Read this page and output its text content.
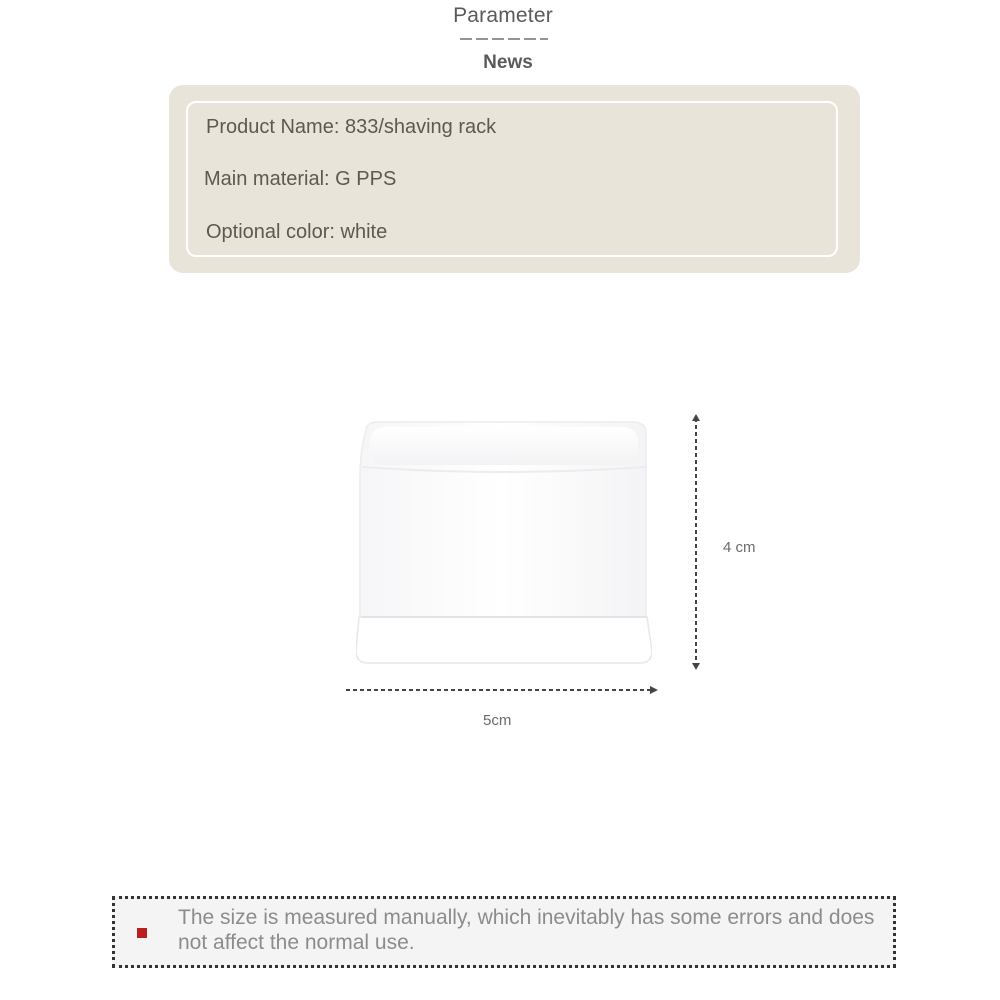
Parameter
News
Product Name: 833/shaving rack
Main material: G PPS
Optional color: white
4 cm
5cm
The size is measured manually, which inevitably has some errors and does not affect the normal use.
